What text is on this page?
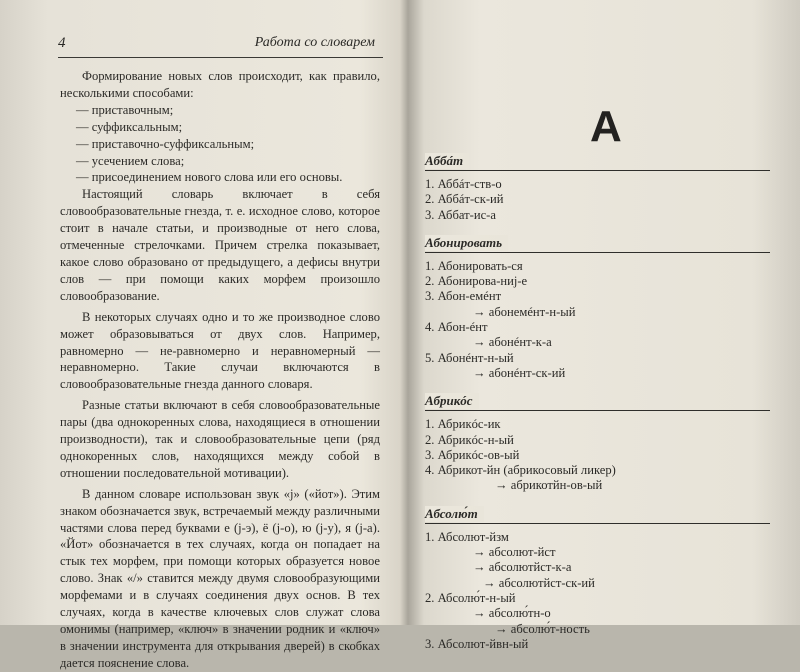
4	Работа со словарем

Формирование новых слов происходит, как правило, несколькими способами:

— приставочным;
— суффиксальным;
— приставочно-суффиксальным;
— усечением слова;
— присоединением нового слова или его основы.

Настоящий словарь включает в себя словообразовательные гнезда, т. е. исходное слово, которое стоит в начале статьи, и производные от него слова, отмеченные стрелочками. Причем стрелка показывает, какое слово образовано от предыдущего, а дефисы внутри слов — при помощи каких морфем произошло словообразование.

В некоторых случаях одно и то же производное слово может образовываться от двух слов. Например, равномерно — не-равномерно и неравномерный — неравномерно. Такие случаи включаются в словообразовательные гнезда данного словаря.

Разные статьи включают в себя словообразовательные пары (два однокоренных слова, находящиеся в отношении производности), так и словообразовательные цепи (ряд однокоренных слов, находящихся между собой в отношении последовательной мотивации).

В данном словаре использован звук «j» («йот»). Этим знаком обозначается звук, встречаемый между различными частями слова перед буквами е (j-э), ё (j-о), ю (j-у), я (j-а). «Йот» обозначается в тех случаях, когда он попадает на стык тех морфем, при помощи которых образуется новое слово. Знак «/» ставится между двумя словообразующими морфемами и в случаях соединения двух основ. В тех случаях, когда в качестве ключевых слов служат слова омонимы (например, «ключ» в значении родник и «ключ» в значении инструмента для открывания дверей) в скобках дается пояснение слова.

А
Аббáт
1. Аббáт-ств-о
2. Аббáт-ск-ий
3. Аббат-ис-а
Абонировать
1. Абонировать-ся
2. Абонирова-ниj-е
3. Абон-емéнт
→ абонемéнт-н-ый
4. Абон-éнт
→ абонéнт-к-а
5. Абонéнт-н-ый
→ абонéнт-ск-ий
Абрикóс
1. Абрикóс-ик
2. Абрикóс-н-ый
3. Абрикóс-ов-ый
4. Абрикот-йн (абрикосовый ликер)
→ абрикотйн-ов-ый
Абсолю́т
1. Абсолют-йзм
→ абсолют-йст
→ абсолютйст-к-а
→ абсолютйст-ск-ий
2. Абсолю́т-н-ый
→ абсолю́тн-о
→ абсолю́т-ность
3. Абсолют-йвн-ый
